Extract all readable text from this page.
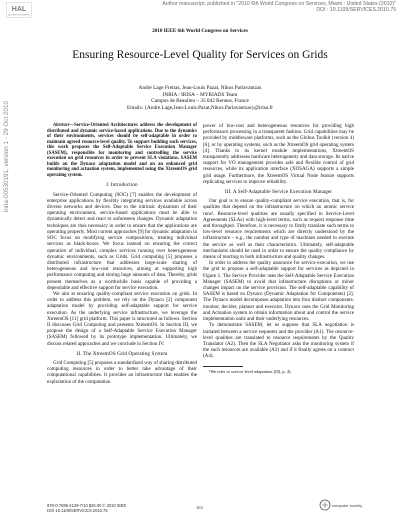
Author manuscript, published in "2010 6th World Congress on Services, Miami : United States (2010)"
DOI : 10.1109/SERVICES.2010.75
HAL
archives-ouvertes
inria-00530191, version 1 - 29 Oct 2010
2010 IEEE 6th World Congress on Services
Ensuring Resource-Level Quality for Services on Grids
André Lage Freitas, Jean-Louis Pazat, Nikos Parlavantzas
INRIA / IRISA – MYRIADS Team
Campus de Beaulieu – 35 042 Rennes, France
Emails: {Andre.Lage,Jean-Louis.Pazat,Nikos.Parlavantzas}@irisa.fr

Abstract—Service-Oriented Architectures address the development of distributed and dynamic service-based applications. Due to the dynamics of their environments, services should be self-adaptable in order to maintain agreed resource-level quality. To support building such services, this work proposes the Self-Adaptable Service Execution Manager (SASEM), responsible for monitoring and controlling the service execution on grid resources in order to prevent SLA violations. SASEM builds on the Dynaco adaptation model and on an enhanced grid monitoring and actuation system, implemented using the XtreemOS grid operating system.

I. Introduction

Service-Oriented Computing (SOC) [7] enables the development of enterprise applications by flexibly integrating services available across diverse networks and devices. Due to the intrinsic dynamism of their operating environment, service-based applications must be able to dynamically detect and react to unforeseen changes. Dynamic adaptation techniques are thus necessary in order to ensure that the applications are operating properly. Most current approaches [9] for dynamic adaptation in SOC focus on modifying service compositions, treating individual services as black-boxes. We focus instead on ensuring the correct operation of individual, complex services running over heterogeneous dynamic environments, such as Grids. Grid computing [5] proposes a distributed infrastructure that addresses large-scale sharing of heterogeneous and low-cost resources, aiming at supporting high performance computing and storing huge amounts of data. Thereby, grids present themselves as a worthwhile basis capable of providing a dependable and effective support for service execution.

We aim at ensuring quality-compliant service execution on grids. In order to address this problem, we rely on the Dynaco [2] component adaptation model by providing self-adaptable support for service execution. As the underlying service infrastructure, we leverage the XtreemOS [11] grid platform. This paper is structured as follows. Section II discusses Grid Computing and presents XtreemOS. In Section III, we propose the design of a Self-Adaptable Service Execution Manager (SASEM) followed by its prototype implementation. Ultimately, we discuss related approaches and we conclude in Section IV.

II. The XtreemOS Grid Operating System

Grid Computing [5] proposes a standardized way of sharing distributed computing resources in order to better take advantage of their computational capabilities. It provides an infrastructure that enables the exploitation of the computation

power of low-cost and heterogeneous resources for providing high performance processing in a transparent fashion. Grid capabilities may be provided by middleware platforms, such as the Globus Toolkit (version 4) [6], or by operating systems, such as the XtreemOS grid operating system [4]. Thanks to its kernel module implementations, XtreemOS transparently addresses hardware heterogeneity and data storage. Its native support for VO management provides safe and flexible control of grid resources, while its application interface (XOSAGA) supports a simple grid usage. Furthermore, the XtreemOS Virtual Node feature supports replicating services to improve reliability.

III. A Self-Adaptable Service Execution Manager

Our goal is to ensure quality-compliant service execution, that is, for qualities that depend on the infrastructure on which an atomic service runs¹. Resource-level qualities are usually specified in Service-Level Agreements (SLAs) with high-level terms, such as request response time and throughput. Therefore, it is necessary to firstly translate such terms to low-level resource requirements which are directly understood by the infrastructure – e.g., the number and type of machines needed to execute the service as well as their characteristics. Ultimately, self-adaptable mechanisms should be used in order to ensure the quality compliance by means of reacting to both infrastructure and quality changes.

In order to address the quality assurance for service execution, we use the grid to propose a self-adaptable support for services as depicted in Figure 1. The Service Provider uses the Self-Adaptable Service Execution Manager (SASEM) to avoid that infrastructure disruptions or minor changes impact on the service provision. The self-adaptable capability of SASEM is based on Dynaco (Dynamic Adaptation for Components) [2]. The Dynaco model decomposes adaptation into four distinct components: monitor, decider, planner and executor. Dynaco uses the Grid Monitoring and Actuation system to obtain information about and control the service implementation units and their underlying resources.

To demonstrate SASEM, let us suppose that SLA negotiation is initiated between a service requester and the provider (A1). The resource-level qualities are translated to resource requirements by the Quality Translator (A2). Then the SLA Negotiator asks the monitoring system if the such resources are available (A3) and if it finally agrees on a contract (A4).

¹We refer to service level adaptation ([8], p. 4).
978-0-7695-4129-7/10 $26.00 © 2010 IEEE
DOI 10.1109/SERVICES.2010.75
163	computer society
